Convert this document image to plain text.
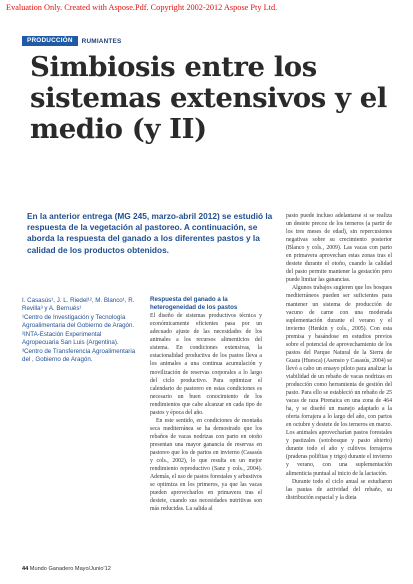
Evaluation Only. Created with Aspose.Pdf. Copyright 2002-2012 Aspose Pty Ltd.
PRODUCCIÓN	RUMIANTES
Simbiosis entre los sistemas extensivos y el medio (y II)

En la anterior entrega (MG 245, marzo-abril 2012) se estudió la respuesta de la vegetación al pastoreo. A continuación, se aborda la respuesta del ganado a los diferentes pastos y la calidad de los productos obtenidos.

I. Casasús¹, J. L. Riedel¹², M. Blanco¹, R. Revilla³ y A. Bernués¹

¹Centro de Investigación y Tecnología Agroalimentaria del Gobierno de Aragón.

²INTA-Estación Experimental Agropecuaria San Luis (Argentina).

³Centro de Transferencia Agroalimentaria del , Gobierno de Aragón.

Respuesta del ganado a la heterogeneidad de los pastos

El diseño de sistemas productivos técnica y económicamente eficientes pasa por un adecuado ajuste de las necesidades de los animales a los recursos alimenticios del sistema. En condiciones extensivas, la estacionalidad productiva de los pastos lleva a los animales a una continua acumulación y movilización de reservas corporales a lo largo del ciclo productivo. Para optimizar el calendario de pastoreo en estas condiciones es necesario un buen conocimiento de los rendimientos que cabe alcanzar en cada tipo de pastos y época del año.

En este sentido, en condiciones de montaña seca mediterránea se ha demostrado que los rebaños de vacas nodrizas con parto en otoño presentan una mayor ganancia de reservas en pastoreo que los de partos en invierno (Casasús y cols., 2002), lo que resulta en un mejor rendimiento reproductivo (Sanz y cols., 2004). Además, el uso de pastos forestales y arbustivos se optimiza en los primeros, ya que las vacas pueden aprovecharlos en primavera tras el destete, cuando sus necesidades nutritivas son más reducidas. La salida al

pasto puede incluso adelantarse si se realiza un destete precoz de los terneros (a partir de los tres meses de edad), sin repercusiones negativas sobre su crecimiento posterior (Blanco y cols., 2009). Las vacas con parto en primavera aprovechan estas zonas tras el destete durante el otoño, cuando la calidad del pasto permite mantener la gestación pero puede limitar las ganancias.

Algunos trabajos sugieren que los bosques mediterráneos pueden ser suficientes para mantener un sistema de producción de vacuno de carne con una moderada suplementación durante el verano y el invierno (Henkin y cols., 2005). Con esta premisa y basándose en estudios previos sobre el potencial de aprovechamiento de los pastos del Parque Natural de la Sierra de Guara (Huesca) (Asensio y Casasús, 2004) se llevó a cabo un ensayo piloto para analizar la viabilidad de un rebaño de vacas nodrizas en producción como herramienta de gestión del pasto. Para ello se estableció un rebaño de 25 vacas de raza Pirenaica en una zona de 464 ha, y se diseñó un manejo adaptado a la oferta forrajera a lo largo del año, con partos en octubre y destete de los terneros en marzo. Los animales aprovecharían pastos forestales y pastizales (sotobosque y pasto abierto) durante todo el año y cultivos forrajeros (praderas polifitas y trigo) durante el invierno y verano, con una suplementación alimenticia puntual al inicio de la lactación.

Durante todo el ciclo anual se estudiaron las pautas de actividad del rebaño, su distribución espacial y la dieta

44 Mundo Ganadero Mayo/Junio'12
